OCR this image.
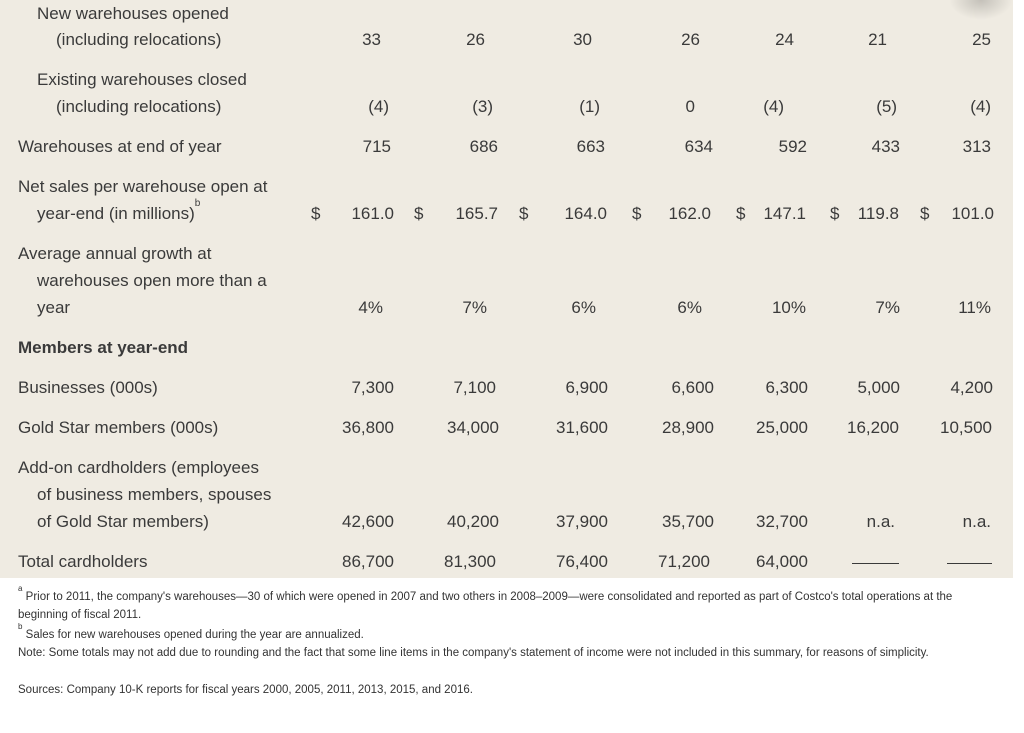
New warehouses opened
(including relocations)	33	26	30	26	24	21	25
Existing warehouses closed
(including relocations)	(4)	(3)	(1)	0	(4)	(5)	(4)
Warehouses at end of year	715	686	663	634	592	433	313
Net sales per warehouse open at
year-end (in millions)$^b$
$ 161.0 $ 165.7 $ 164.0 $ 162.0 $ 147.1 $ 119.8 $ 101.0
Average annual growth at
warehouses open more than a
year	4%	7%	6%	6%	10%	7%	11%
Members at year-end
Businesses (000s)	7,300	7,100	6,900	6,600	6,300	5,000	4,200
Gold Star members (000s)	36,800	34,000	31,600	28,900 25,000 16,200 10,500
Add-on cardholders (employees
of business members, spouses
of Gold Star members)	42,600	40,200	37,900	35,700 32,700	n.a.	n.a.
Total cardholders	86,700	81,300	76,400	71,200	64,000
$^a$ Prior to 2011, the company's warehouses—30 of which were opened in 2007 and two others in 2008–2009—were consolidated and reported as part of Costco's total operations at the beginning of fiscal 2011.
$^b$ Sales for new warehouses opened during the year are annualized.
Note: Some totals may not add due to rounding and the fact that some line items in the company's statement of income were not included in this summary, for reasons of simplicity.
Sources: Company 10-K reports for fiscal years 2000, 2005, 2011, 2013, 2015, and 2016.
